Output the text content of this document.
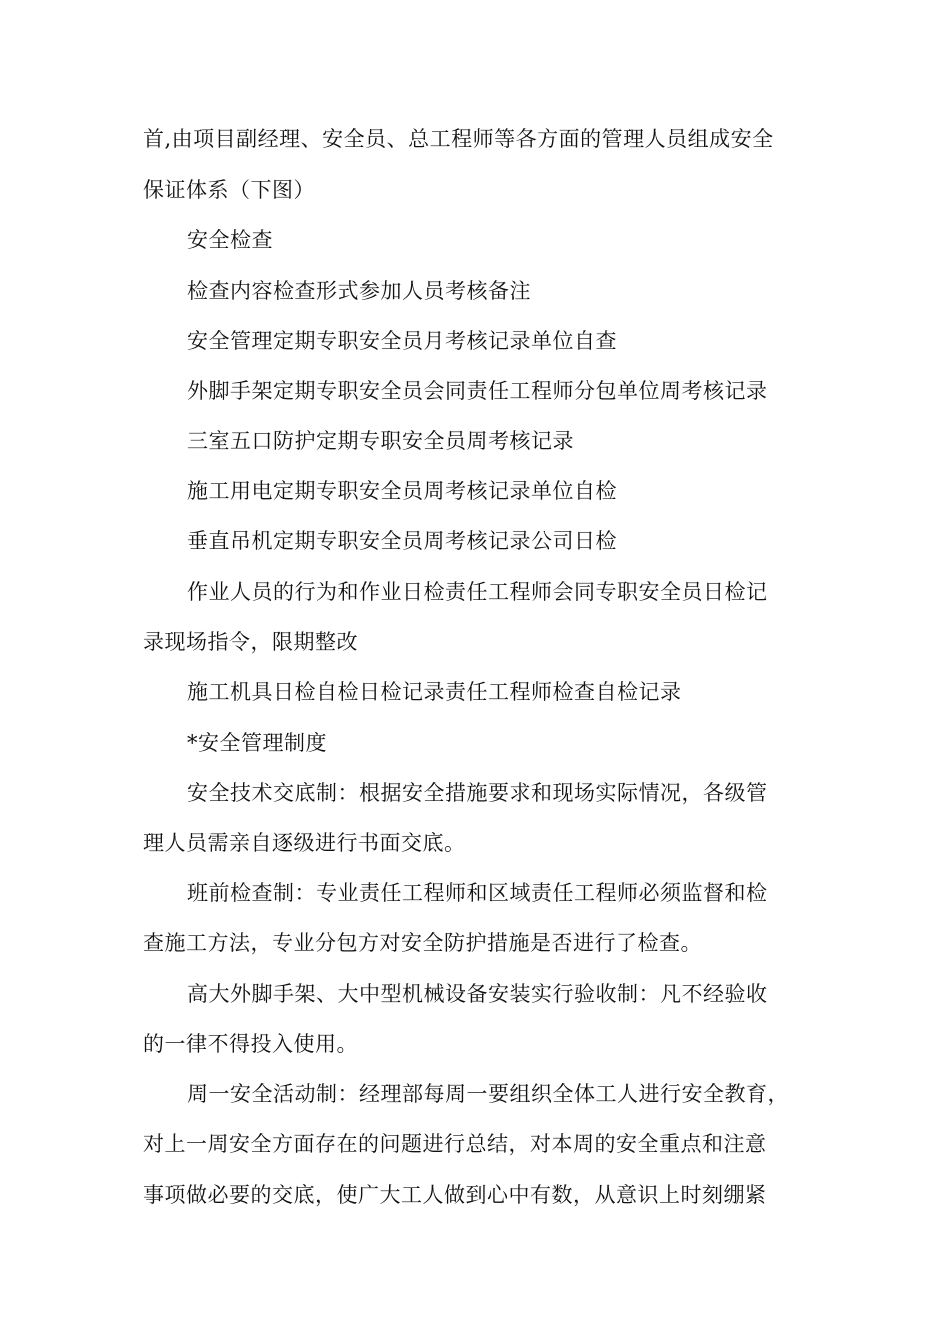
首,由项目副经理、安全员、总工程师等各方面的管理人员组成安全
保证体系（下图）
安全检查
检查内容检查形式参加人员考核备注
安全管理定期专职安全员月考核记录单位自查
外脚手架定期专职安全员会同责任工程师分包单位周考核记录
三室五口防护定期专职安全员周考核记录
施工用电定期专职安全员周考核记录单位自检
垂直吊机定期专职安全员周考核记录公司日检
作业人员的行为和作业日检责任工程师会同专职安全员日检记
录现场指令，限期整改
施工机具日检自检日检记录责任工程师检查自检记录
*安全管理制度
安全技术交底制：根据安全措施要求和现场实际情况，各级管
理人员需亲自逐级进行书面交底。
班前检查制：专业责任工程师和区域责任工程师必须监督和检
查施工方法，专业分包方对安全防护措施是否进行了检查。
高大外脚手架、大中型机械设备安装实行验收制：凡不经验收
的一律不得投入使用。
周一安全活动制：经理部每周一要组织全体工人进行安全教育，
对上一周安全方面存在的问题进行总结，对本周的安全重点和注意
事项做必要的交底，使广大工人做到心中有数，从意识上时刻绷紧
